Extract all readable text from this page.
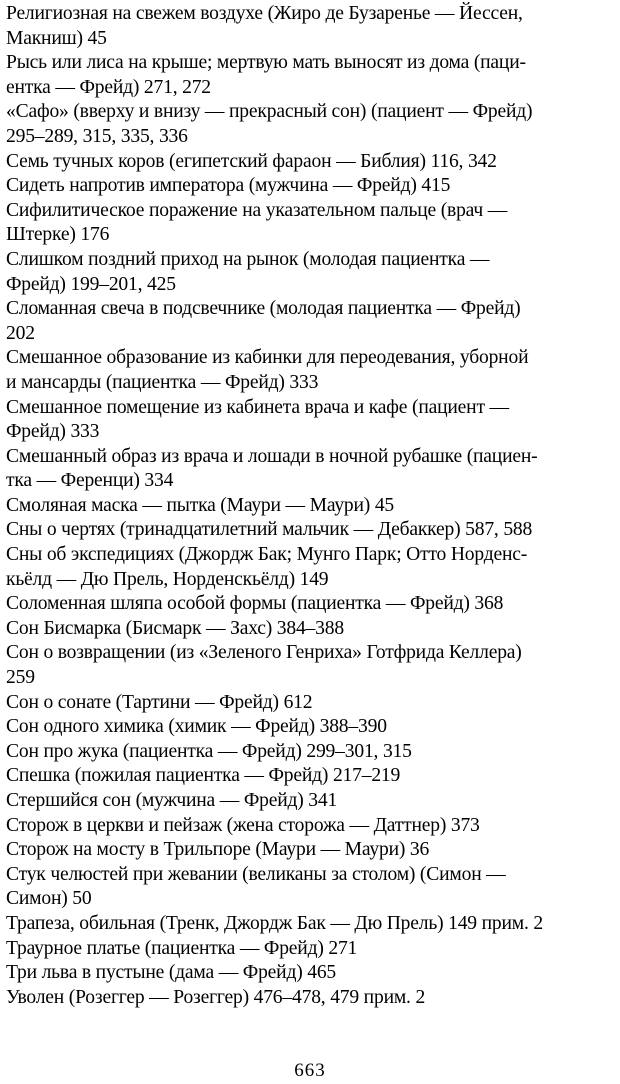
Религиозная на свежем воздухе (Жиро де Бузаренье — Йессен,
Макниш) 45
Рысь или лиса на крыше; мертвую мать выносят из дома (паци-
ентка — Фрейд) 271, 272
«Сафо» (вверху и внизу — прекрасный сон) (пациент — Фрейд)
295–289, 315, 335, 336
Семь тучных коров (египетский фараон — Библия) 116, 342
Сидеть напротив императора (мужчина — Фрейд) 415
Сифилитическое поражение на указательном пальце (врач —
Штерке) 176
Слишком поздний приход на рынок (молодая пациентка —
Фрейд) 199–201, 425
Сломанная свеча в подсвечнике (молодая пациентка — Фрейд)
202
Смешанное образование из кабинки для переодевания, уборной
и мансарды (пациентка — Фрейд) 333
Смешанное помещение из кабинета врача и кафе (пациент —
Фрейд) 333
Смешанный образ из врача и лошади в ночной рубашке (пациен-
тка — Ференци) 334
Смоляная маска — пытка (Маури — Маури) 45
Сны о чертях (тринадцатилетний мальчик — Дебаккер) 587, 588
Сны об экспедициях (Джордж Бак; Мунго Парк; Отто Норденс-
кьёлд — Дю Прель, Норденскьёлд) 149
Соломенная шляпа особой формы (пациентка — Фрейд) 368
Сон Бисмарка (Бисмарк — Захс) 384–388
Сон о возвращении (из «Зеленого Генриха» Готфрида Келлера)
259
Сон о сонате (Тартини — Фрейд) 612
Сон одного химика (химик — Фрейд) 388–390
Сон про жука (пациентка — Фрейд) 299–301, 315
Спешка (пожилая пациентка — Фрейд) 217–219
Стершийся сон (мужчина — Фрейд) 341
Сторож в церкви и пейзаж (жена сторожа — Даттнер) 373
Сторож на мосту в Трильпоре (Маури — Маури) 36
Стук челюстей при жевании (великаны за столом) (Симон —
Симон) 50
Трапеза, обильная (Тренк, Джордж Бак — Дю Прель) 149 прим. 2
Траурное платье (пациентка — Фрейд) 271
Три льва в пустыне (дама — Фрейд) 465
Уволен (Розеггер — Розеггер) 476–478, 479 прим. 2
663
